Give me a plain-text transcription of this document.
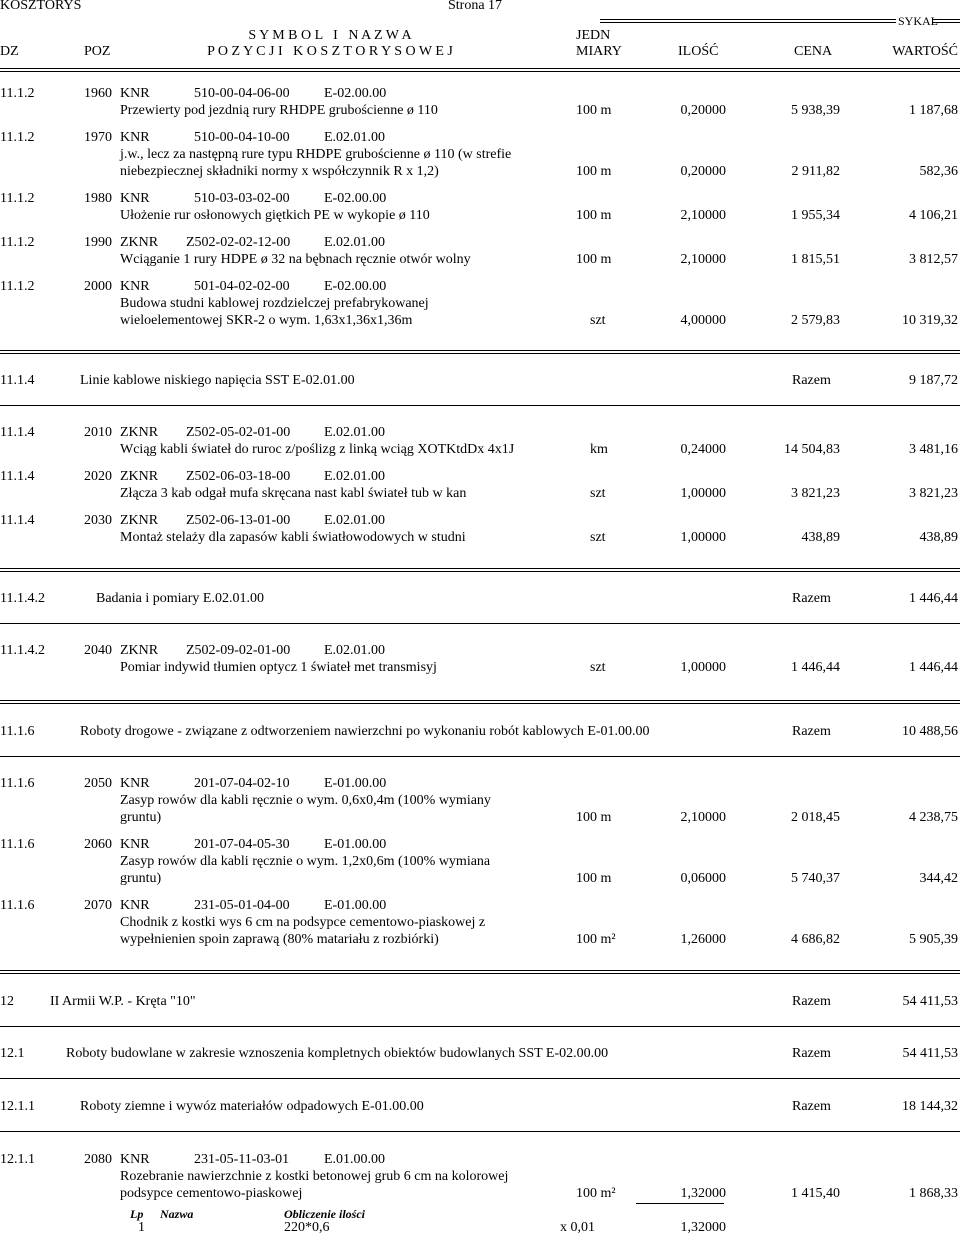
KOSZTORYS	Strona 17
SYKAL
DZ	POZ
S Y M B O L   I   N A Z W A
P O Z Y C J I   K O S Z T O R Y S O W E J
JEDN
MIARY	ILOŚĆ	CENA	WARTOŚĆ
11.1.2	1960 KNR	510-00-04-06-00 E-02.00.00
Przewierty pod jezdnią rury RHDPE grubościenne ø 110	100 m	0,20000	5 938,39	1 187,68
11.1.2	1970 KNR	510-00-04-10-00 E.02.01.00
j.w., lecz za następną rure typu RHDPE grubościenne ø 110 (w strefie
niebezpiecznej składniki normy x współczynnik R x 1,2)	100 m	0,20000	2 911,82	582,36
11.1.2	1980 KNR	510-03-03-02-00 E-02.00.00
Ułożenie rur osłonowych giętkich PE w wykopie ø 110	100 m	2,10000	1 955,34	4 106,21
11.1.2	1990 ZKNR Z502-02-02-12-00 E.02.01.00
Wciąganie 1 rury HDPE ø 32 na bębnach ręcznie otwór wolny	100 m	2,10000	1 815,51	3 812,57
11.1.2	2000 KNR	501-04-02-02-00 E-02.00.00
Budowa studni kablowej rozdzielczej prefabrykowanej
wieloelementowej SKR-2 o wym. 1,63x1,36x1,36m	szt	4,00000	2 579,83	10 319,32
11.1.4	Linie kablowe niskiego napięcia SST E-02.01.00	Razem	9 187,72
11.1.4	2010 ZKNR Z502-05-02-01-00 E.02.01.00
Wciąg kabli świateł do ruroc z/poślizg z linką wciąg XOTKtdDx 4x1J	km	0,24000	14 504,83	3 481,16
11.1.4	2020 ZKNR Z502-06-03-18-00 E.02.01.00
Złącza 3 kab odgał mufa skręcana nast kabl świateł tub w kan	szt	1,00000	3 821,23	3 821,23
11.1.4	2030 ZKNR Z502-06-13-01-00 E.02.01.00
Montaż stelaży dla zapasów kabli światłowodowych w studni	szt	1,00000	438,89	438,89
11.1.4.2	Badania i pomiary E.02.01.00	Razem	1 446,44
11.1.4.2	2040 ZKNR Z502-09-02-01-00 E.02.01.00
Pomiar indywid tłumien optycz 1 świateł met transmisyj	szt	1,00000	1 446,44	1 446,44
11.1.6	Roboty drogowe - związane z odtworzeniem nawierzchni po wykonaniu robót kablowych E-01.00.00	Razem	10 488,56
11.1.6	2050 KNR	201-07-04-02-10 E-01.00.00
Zasyp rowów dla kabli ręcznie o wym. 0,6x0,4m (100% wymiany
gruntu)	100 m	2,10000	2 018,45	4 238,75
11.1.6	2060 KNR	201-07-04-05-30 E-01.00.00
Zasyp rowów dla kabli ręcznie o wym. 1,2x0,6m (100% wymiana
gruntu)	100 m	0,06000	5 740,37	344,42
11.1.6	2070 KNR	231-05-01-04-00 E-01.00.00
Chodnik z kostki wys 6 cm na podsypce cementowo-piaskowej z
wypełnienien spoin zaprawą (80% matariału z rozbiórki)	100 m²	1,26000	4 686,82	5 905,39
12	II Armii W.P. - Kręta "10"	Razem	54 411,53
12.1	Roboty budowlane w zakresie wznoszenia kompletnych obiektów budowlanych SST E-02.00.00	Razem	54 411,53
12.1.1	Roboty ziemne i wywóz materiałów odpadowych E-01.00.00	Razem	18 144,32
12.1.1	2080 KNR	231-05-11-03-01 E.01.00.00
Rozebranie nawierzchnie z kostki betonowej grub 6 cm na kolorowej
podsypce cementowo-piaskowej	100 m²	1,32000	1 415,40	1 868,33
Lp Nazwa	Obliczenie ilości
1	220*0,6	x 0,01	1,32000
